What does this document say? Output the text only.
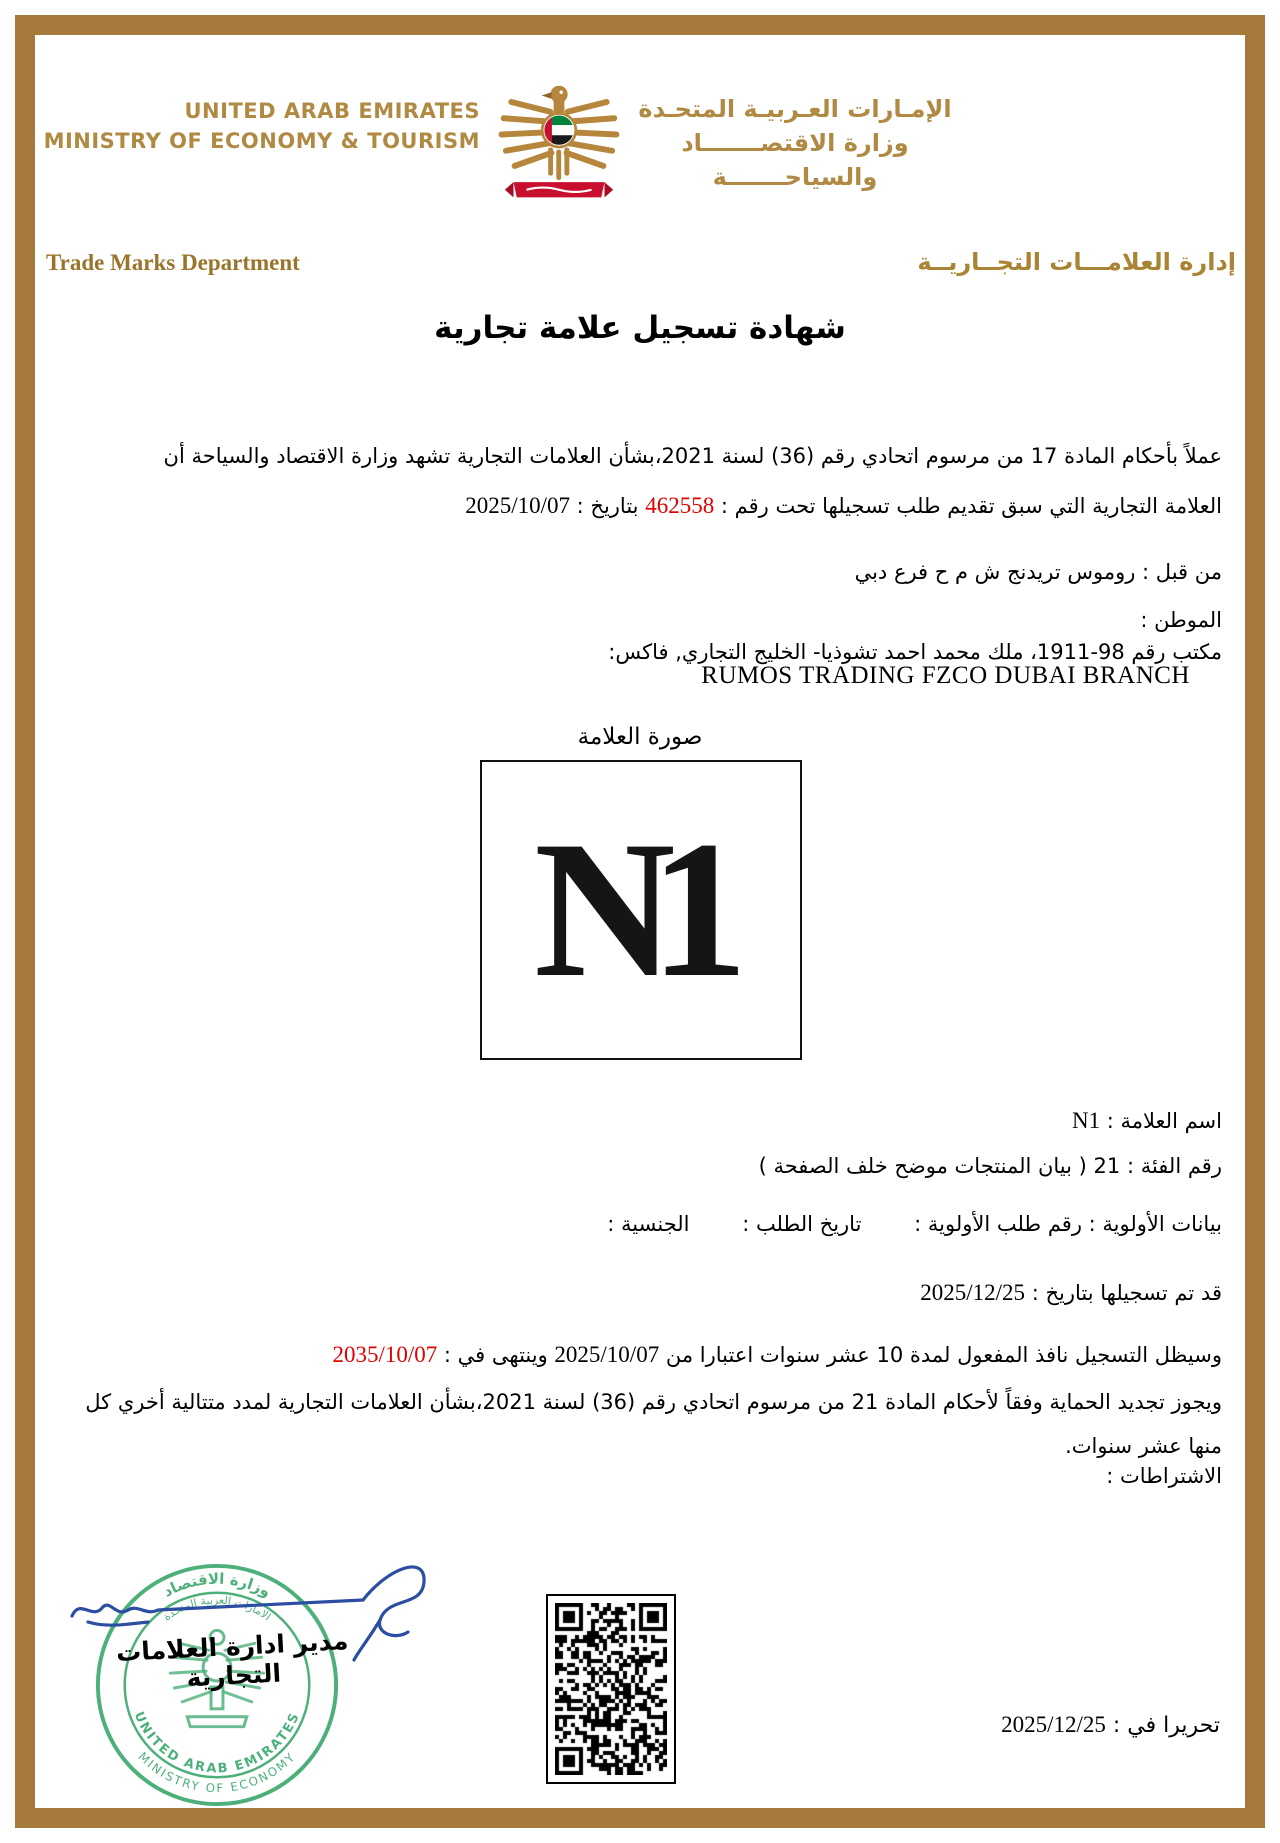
UNITED ARAB EMIRATES
MINISTRY OF ECONOMY & TOURISM
الإمـارات العـربيـة المتحـدة
وزارة الاقتصـــــــاد والسياحـــــــة
Trade Marks Department	إدارة العلامـــات التجــاريــة
شهادة تسجيل علامة تجارية
عملاً بأحكام المادة 17 من مرسوم اتحادي رقم (36) لسنة 2021،بشأن العلامات التجارية تشهد وزارة الاقتصاد والسياحة أن
العلامة التجارية التي سبق تقديم طلب تسجيلها تحت رقم : 462558 بتاريخ : 2025/10/07
من قبل : روموس تريدنج ش م ح فرع دبي
الموطن :
مكتب رقم 98-1911، ملك محمد احمد تشوذيا- الخليج التجاري, فاكس:
RUMOS TRADING FZCO DUBAI BRANCH
صورة العلامة
N1
اسم العلامة : N1
رقم الفئة : 21 ( بيان المنتجات موضح خلف الصفحة )
بيانات الأولوية : رقم طلب الأولوية : تاريخ الطلب : الجنسية :
قد تم تسجيلها بتاريخ : 2025/12/25
وسيظل التسجيل نافذ المفعول لمدة 10 عشر سنوات اعتبارا من 2025/10/07 وينتهى في : 2035/10/07
ويجوز تجديد الحماية وفقاً لأحكام المادة 21 من مرسوم اتحادي رقم (36) لسنة 2021،بشأن العلامات التجارية لمدد متتالية أخري كل منها عشر سنوات.
الاشتراطات :
وزارة الاقتصاد
الامارات العربية المتحدة
UNITED ARAB EMIRATES
MINISTRY OF ECONOMY
مدير ادارة العلامات التجارية
تحريرا في : 2025/12/25
